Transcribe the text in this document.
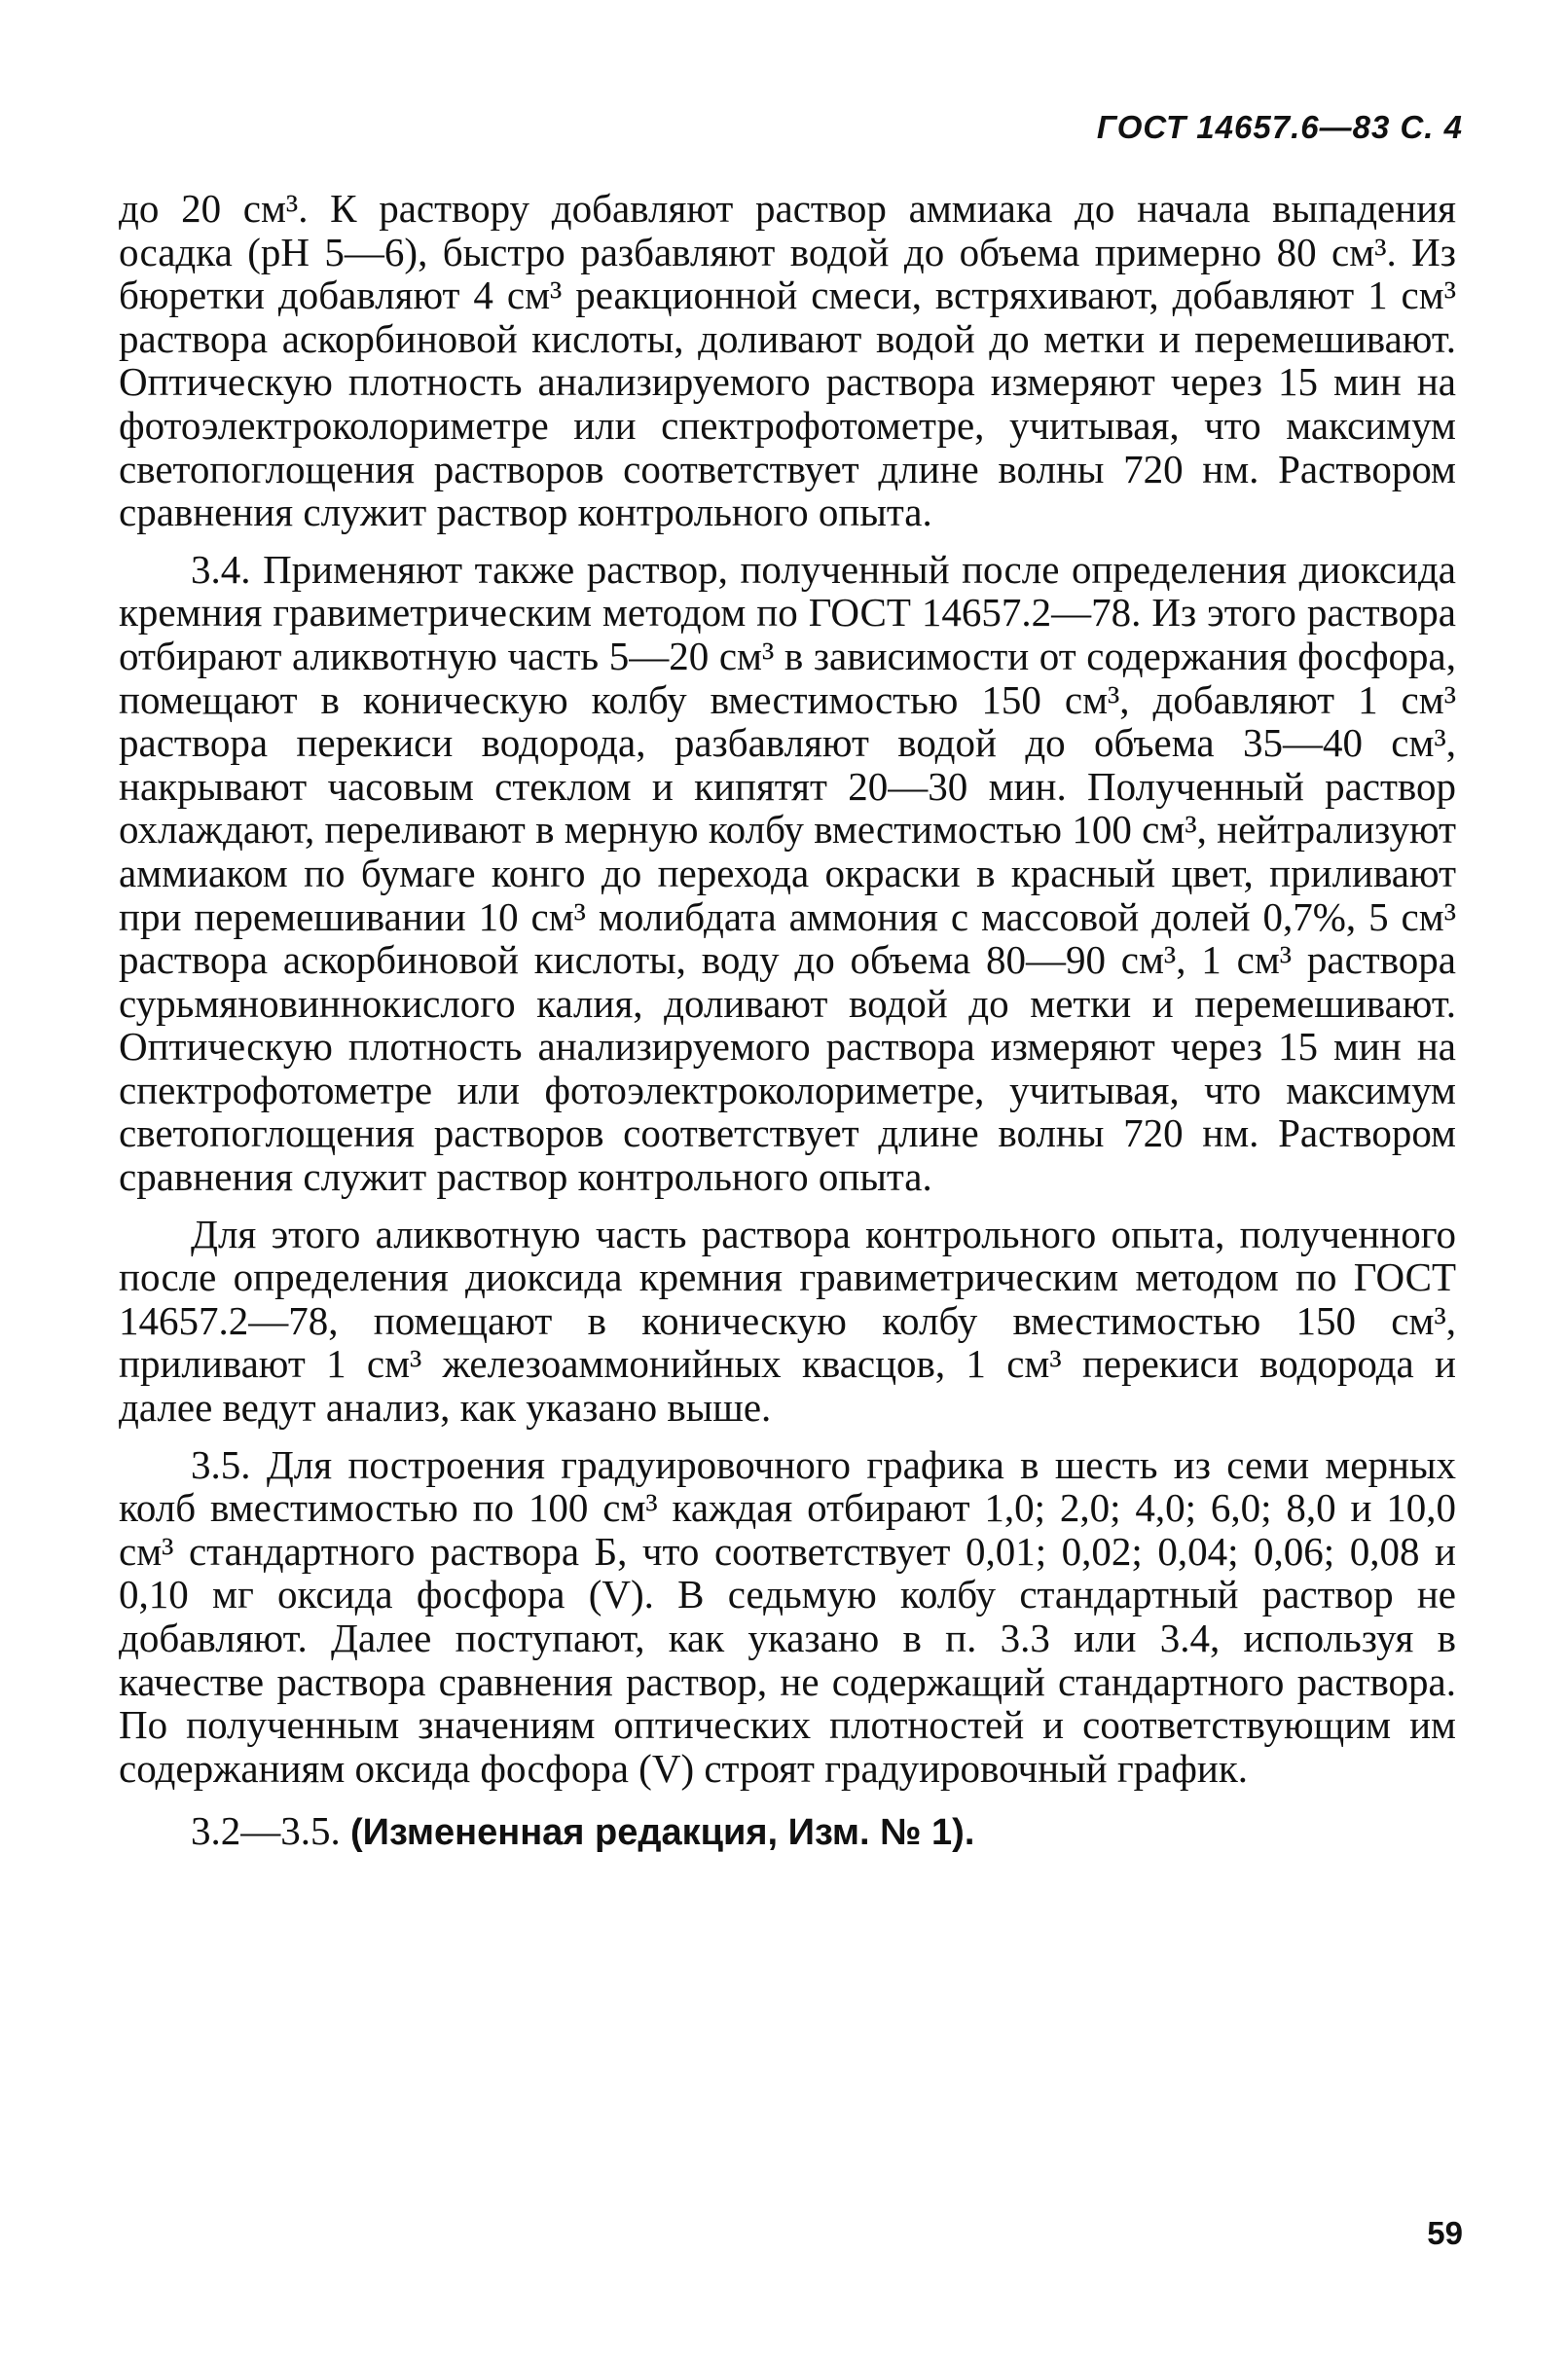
ГОСТ 14657.6—83 С. 4

до 20 см³. К раствору добавляют раствор аммиака до начала выпадения осадка (рН 5—6), быстро разбавляют водой до объема примерно 80 см³. Из бюретки добавляют 4 см³ реакционной смеси, встряхивают, добавляют 1 см³ раствора аскорбиновой кислоты, доливают водой до метки и перемешивают. Оптическую плотность анализируемого раствора измеряют через 15 мин на фотоэлектроколориметре или спектрофотометре, учитывая, что максимум светопоглощения растворов соответствует длине волны 720 нм. Раствором сравнения служит раствор контрольного опыта.

3.4. Применяют также раствор, полученный после определения диоксида кремния гравиметрическим методом по ГОСТ 14657.2—78. Из этого раствора отбирают аликвотную часть 5—20 см³ в зависимости от содержания фосфора, помещают в коническую колбу вместимостью 150 см³, добавляют 1 см³ раствора перекиси водорода, разбавляют водой до объема 35—40 см³, накрывают часовым стеклом и кипятят 20—30 мин. Полученный раствор охлаждают, переливают в мерную колбу вместимостью 100 см³, нейтрализуют аммиаком по бумаге конго до перехода окраски в красный цвет, приливают при перемешивании 10 см³ молибдата аммония с массовой долей 0,7%, 5 см³ раствора аскорбиновой кислоты, воду до объема 80—90 см³, 1 см³ раствора сурьмяновиннокислого калия, доливают водой до метки и перемешивают. Оптическую плотность анализируемого раствора измеряют через 15 мин на спектрофотометре или фотоэлектроколориметре, учитывая, что максимум светопоглощения растворов соответствует длине волны 720 нм. Раствором сравнения служит раствор контрольного опыта.

Для этого аликвотную часть раствора контрольного опыта, полученного после определения диоксида кремния гравиметрическим методом по ГОСТ 14657.2—78, помещают в коническую колбу вместимостью 150 см³, приливают 1 см³ железоаммонийных квасцов, 1 см³ перекиси водорода и далее ведут анализ, как указано выше.

3.5. Для построения градуировочного графика в шесть из семи мерных колб вместимостью по 100 см³ каждая отбирают 1,0; 2,0; 4,0; 6,0; 8,0 и 10,0 см³ стандартного раствора Б, что соответствует 0,01; 0,02; 0,04; 0,06; 0,08 и 0,10 мг оксида фосфора (V). В седьмую колбу стандартный раствор не добавляют. Далее поступают, как указано в п. 3.3 или 3.4, используя в качестве раствора сравнения раствор, не содержащий стандартного раствора. По полученным значениям оптических плотностей и соответствующим им содержаниям оксида фосфора (V) строят градуировочный график.

3.2—3.5. (Измененная редакция, Изм. № 1).

59
